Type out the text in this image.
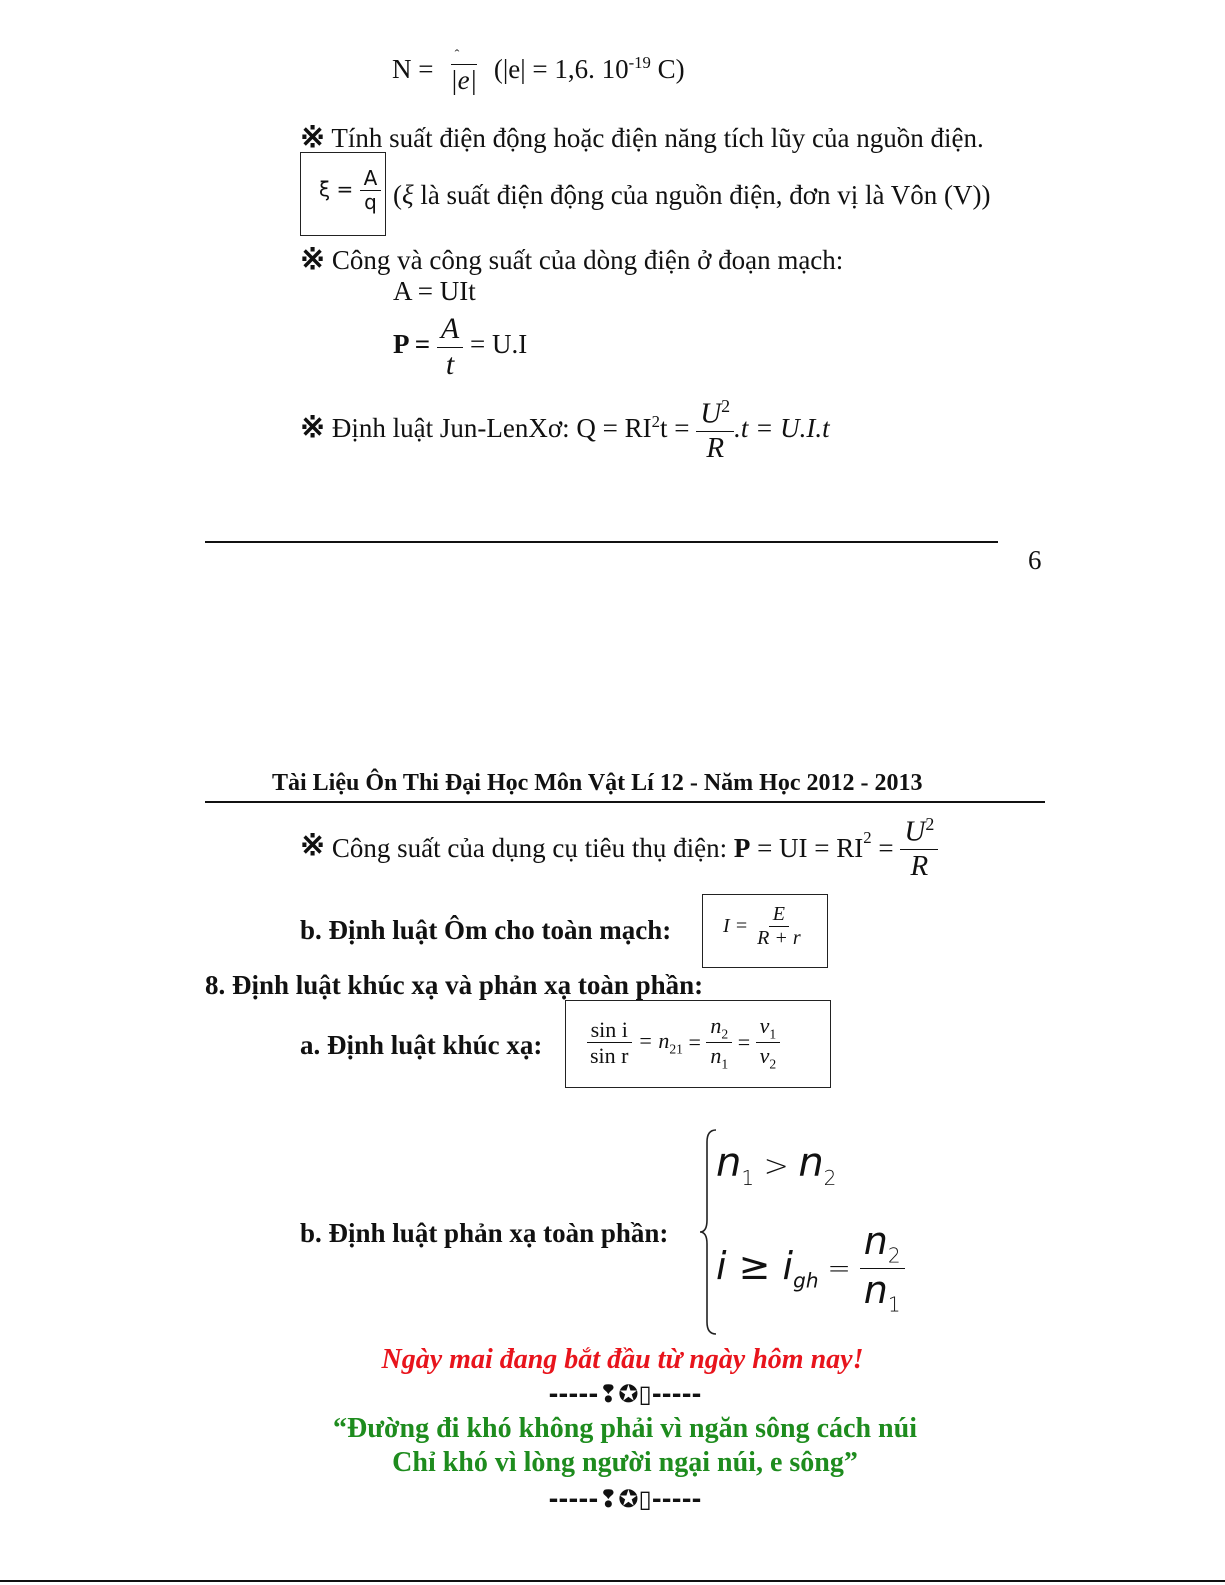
$N = \frac{\text{ˆ}}{|e|} (|e| = 1,6$. $10^{-19}$ C)
※ Tính suất điện động hoặc điện năng tích lũy của nguồn điện.
$\xi = \frac{A}{q} (\xi$ là suất điện động của nguồn điện, đơn vị là Vôn (V))
※ Công và công suất của dòng điện ở đoạn mạch:
A = UIt
$P = \frac{A}{t} = U.I$
※ Định luật Jun-LenXơ: $Q = RI^2t = \frac{U^2}{R} .t = U.I.t$
6
Tài Liệu Ôn Thi Đại Học Môn Vật Lí 12 - Năm Học 2012 - 2013
※ Công suất của dụng cụ tiêu thụ điện: P = UI = $RI^2 = \frac{U^2}{R}$
b. Định luật Ôm cho toàn mạch:	$I = \frac{E}{R + r}$
8. Định luật khúc xạ và phản xạ toàn phần:
a. Định luật khúc xạ: $\frac{\text{sin i}}{\text{sin r}} = n_{21} = \frac{n_2}{n_1} = \frac{v_1}{v_2}$
b. Định luật phản xạ toàn phần:
$n_1 > n_2$
$i \ge i_{gh} = \frac{n_2}{n_1}$
Ngày mai đang bắt đầu từ ngày hôm nay!
-----❢✪▯-----
“Đường đi khó không phải vì ngăn sông cách núi
Chỉ khó vì lòng người ngại núi, e sông”
-----❢✪▯-----
